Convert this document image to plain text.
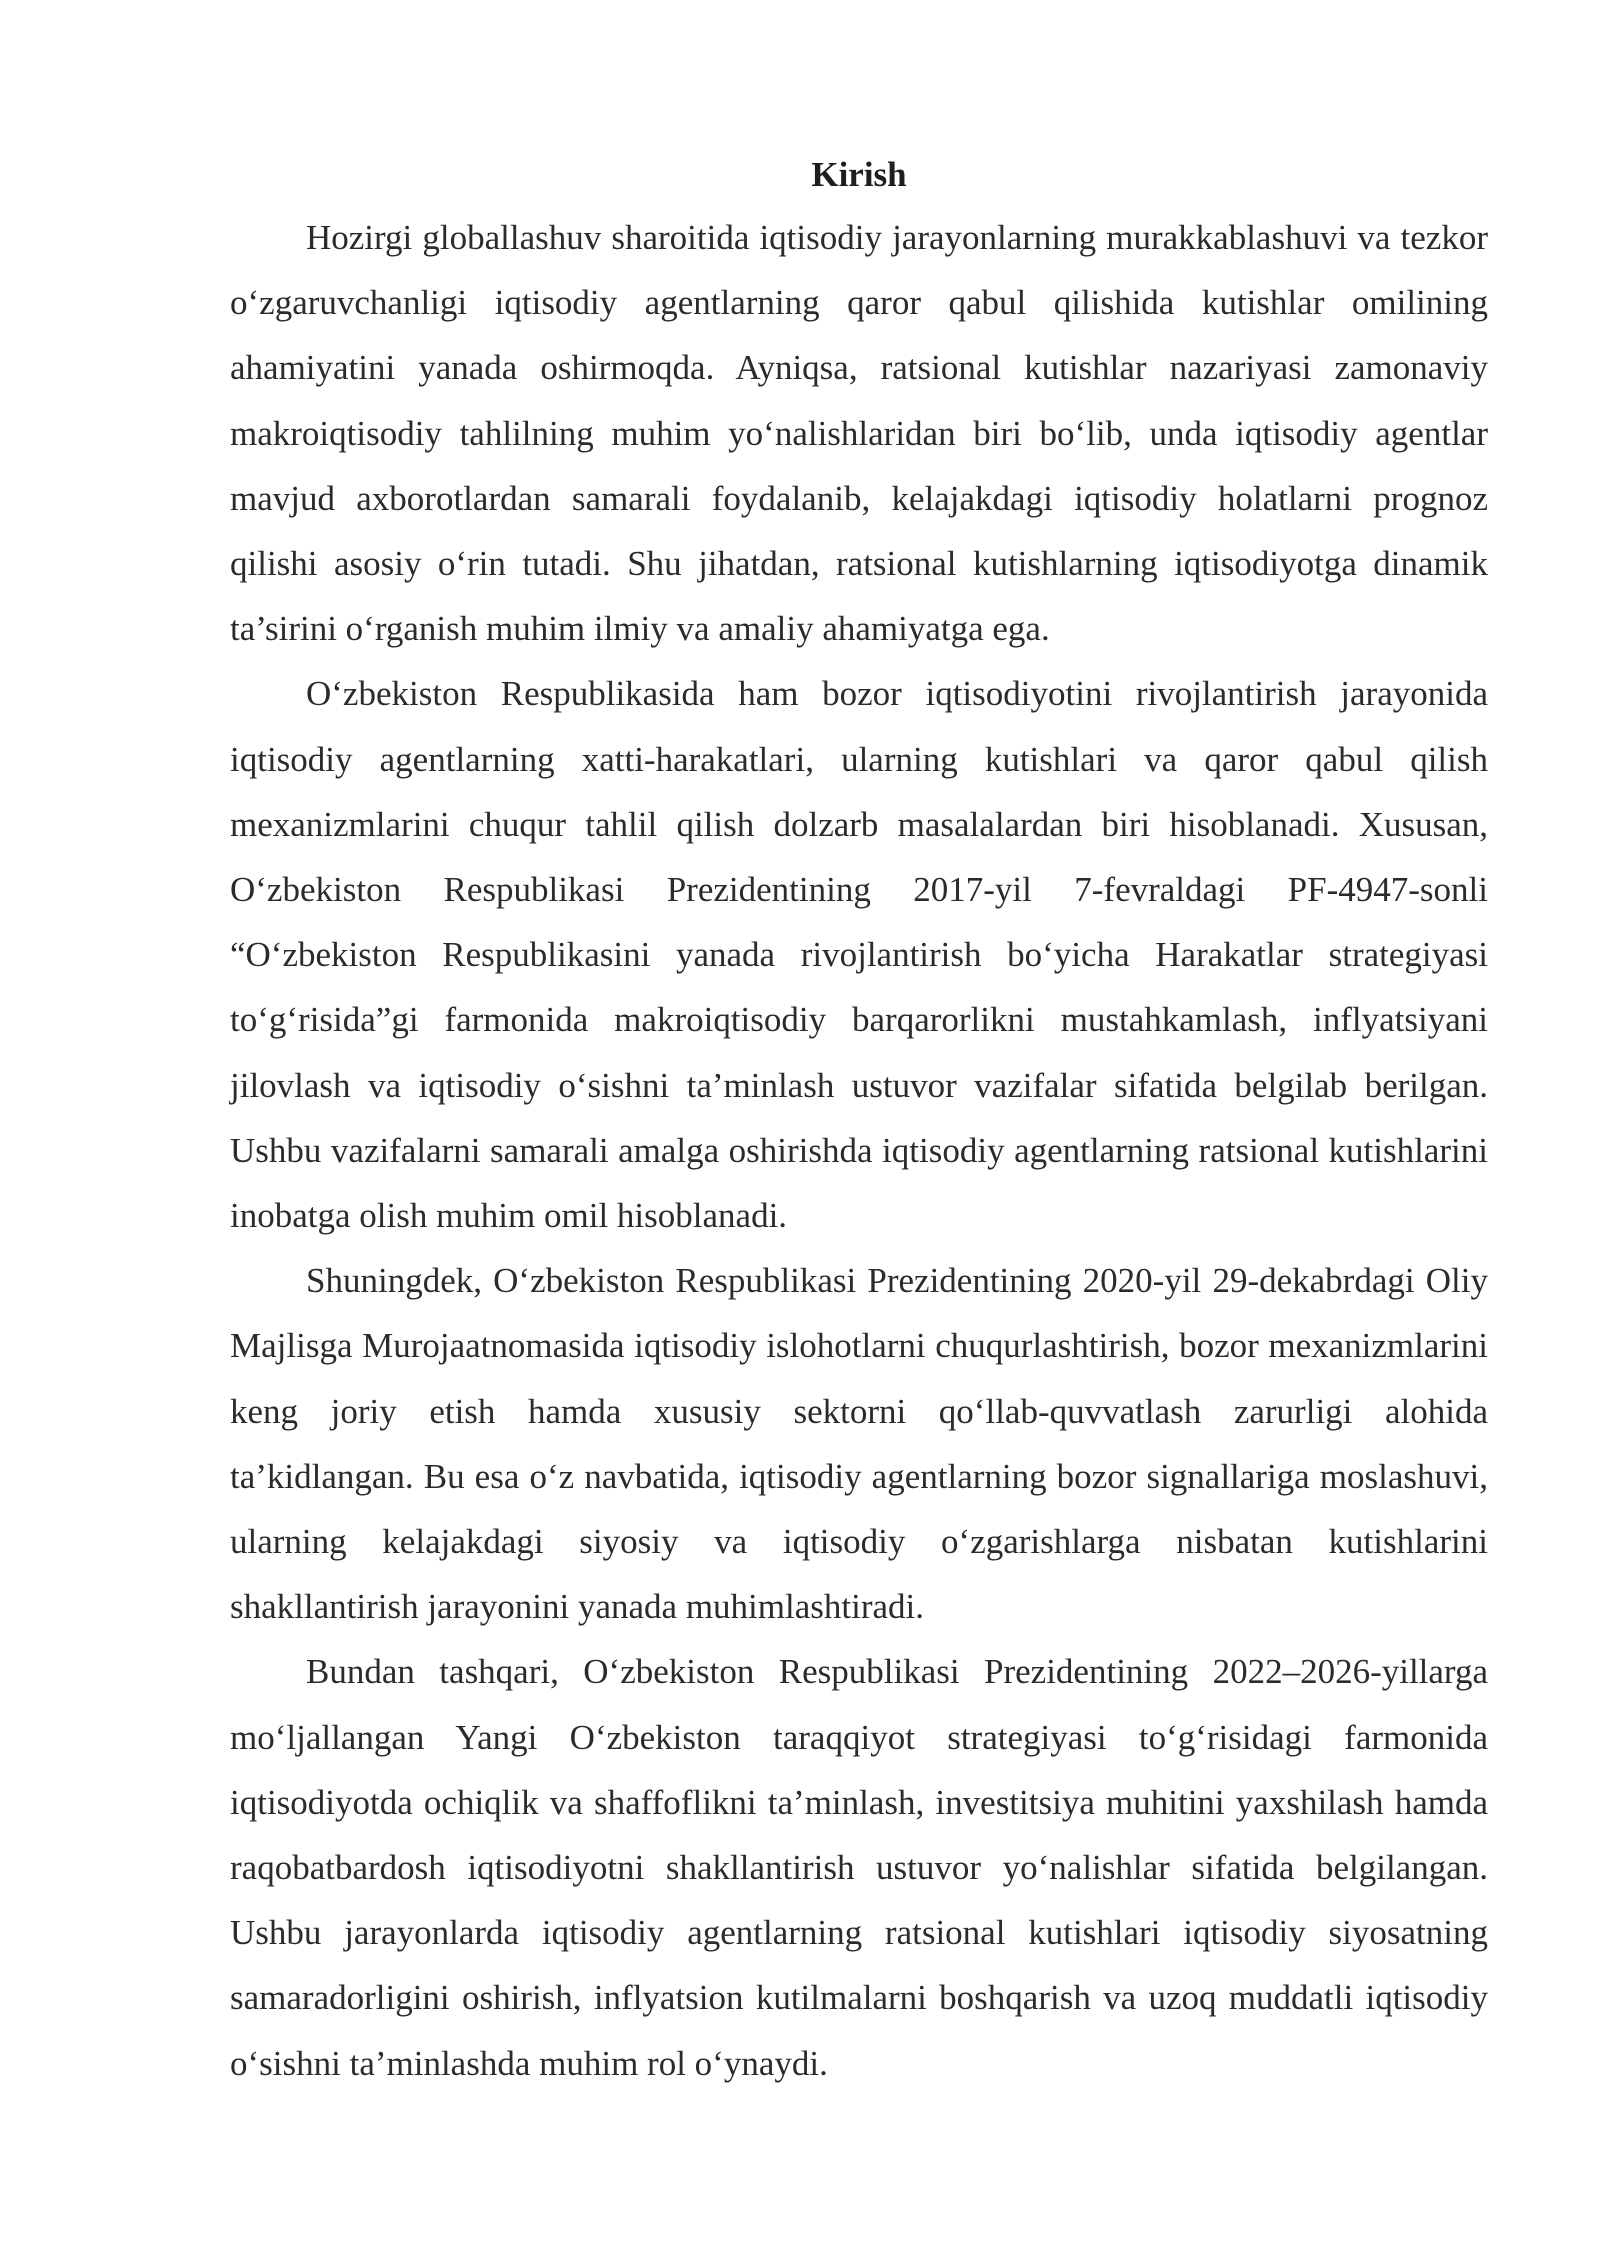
Kirish

Hozirgi globallashuv sharoitida iqtisodiy jarayonlarning murakkablashuvi va tezkor o‘zgaruvchanligi iqtisodiy agentlarning qaror qabul qilishida kutishlar omilining ahamiyatini yanada oshirmoqda. Ayniqsa, ratsional kutishlar nazariyasi zamonaviy makroiqtisodiy tahlilning muhim yo‘nalishlaridan biri bo‘lib, unda iqtisodiy agentlar mavjud axborotlardan samarali foydalanib, kelajakdagi iqtisodiy holatlarni prognoz qilishi asosiy o‘rin tutadi. Shu jihatdan, ratsional kutishlarning iqtisodiyotga dinamik ta’sirini o‘rganish muhim ilmiy va amaliy ahamiyatga ega.

O‘zbekiston Respublikasida ham bozor iqtisodiyotini rivojlantirish jarayonida iqtisodiy agentlarning xatti-harakatlari, ularning kutishlari va qaror qabul qilish mexanizmlarini chuqur tahlil qilish dolzarb masalalardan biri hisoblanadi. Xususan, O‘zbekiston Respublikasi Prezidentining 2017-yil 7-fevraldagi PF-4947-sonli “O‘zbekiston Respublikasini yanada rivojlantirish bo‘yicha Harakatlar strategiyasi to‘g‘risida”gi farmonida makroiqtisodiy barqarorlikni mustahkamlash, inflyatsiyani jilovlash va iqtisodiy o‘sishni ta’minlash ustuvor vazifalar sifatida belgilab berilgan. Ushbu vazifalarni samarali amalga oshirishda iqtisodiy agentlarning ratsional kutishlarini inobatga olish muhim omil hisoblanadi.

Shuningdek, O‘zbekiston Respublikasi Prezidentining 2020-yil 29-dekabrdagi Oliy Majlisga Murojaatnomasida iqtisodiy islohotlarni chuqurlashtirish, bozor mexanizmlarini keng joriy etish hamda xususiy sektorni qo‘llab-quvvatlash zarurligi alohida ta’kidlangan. Bu esa o‘z navbatida, iqtisodiy agentlarning bozor signallariga moslashuvi, ularning kelajakdagi siyosiy va iqtisodiy o‘zgarishlarga nisbatan kutishlarini shakllantirish jarayonini yanada muhimlashtiradi.

Bundan tashqari, O‘zbekiston Respublikasi Prezidentining 2022–2026-yillarga mo‘ljallangan Yangi O‘zbekiston taraqqiyot strategiyasi to‘g‘risidagi farmonida iqtisodiyotda ochiqlik va shaffoflikni ta’minlash, investitsiya muhitini yaxshilash hamda raqobatbardosh iqtisodiyotni shakllantirish ustuvor yo‘nalishlar sifatida belgilangan. Ushbu jarayonlarda iqtisodiy agentlarning ratsional kutishlari iqtisodiy siyosatning samaradorligini oshirish, inflyatsion kutilmalarni boshqarish va uzoq muddatli iqtisodiy o‘sishni ta’minlashda muhim rol o‘ynaydi.
